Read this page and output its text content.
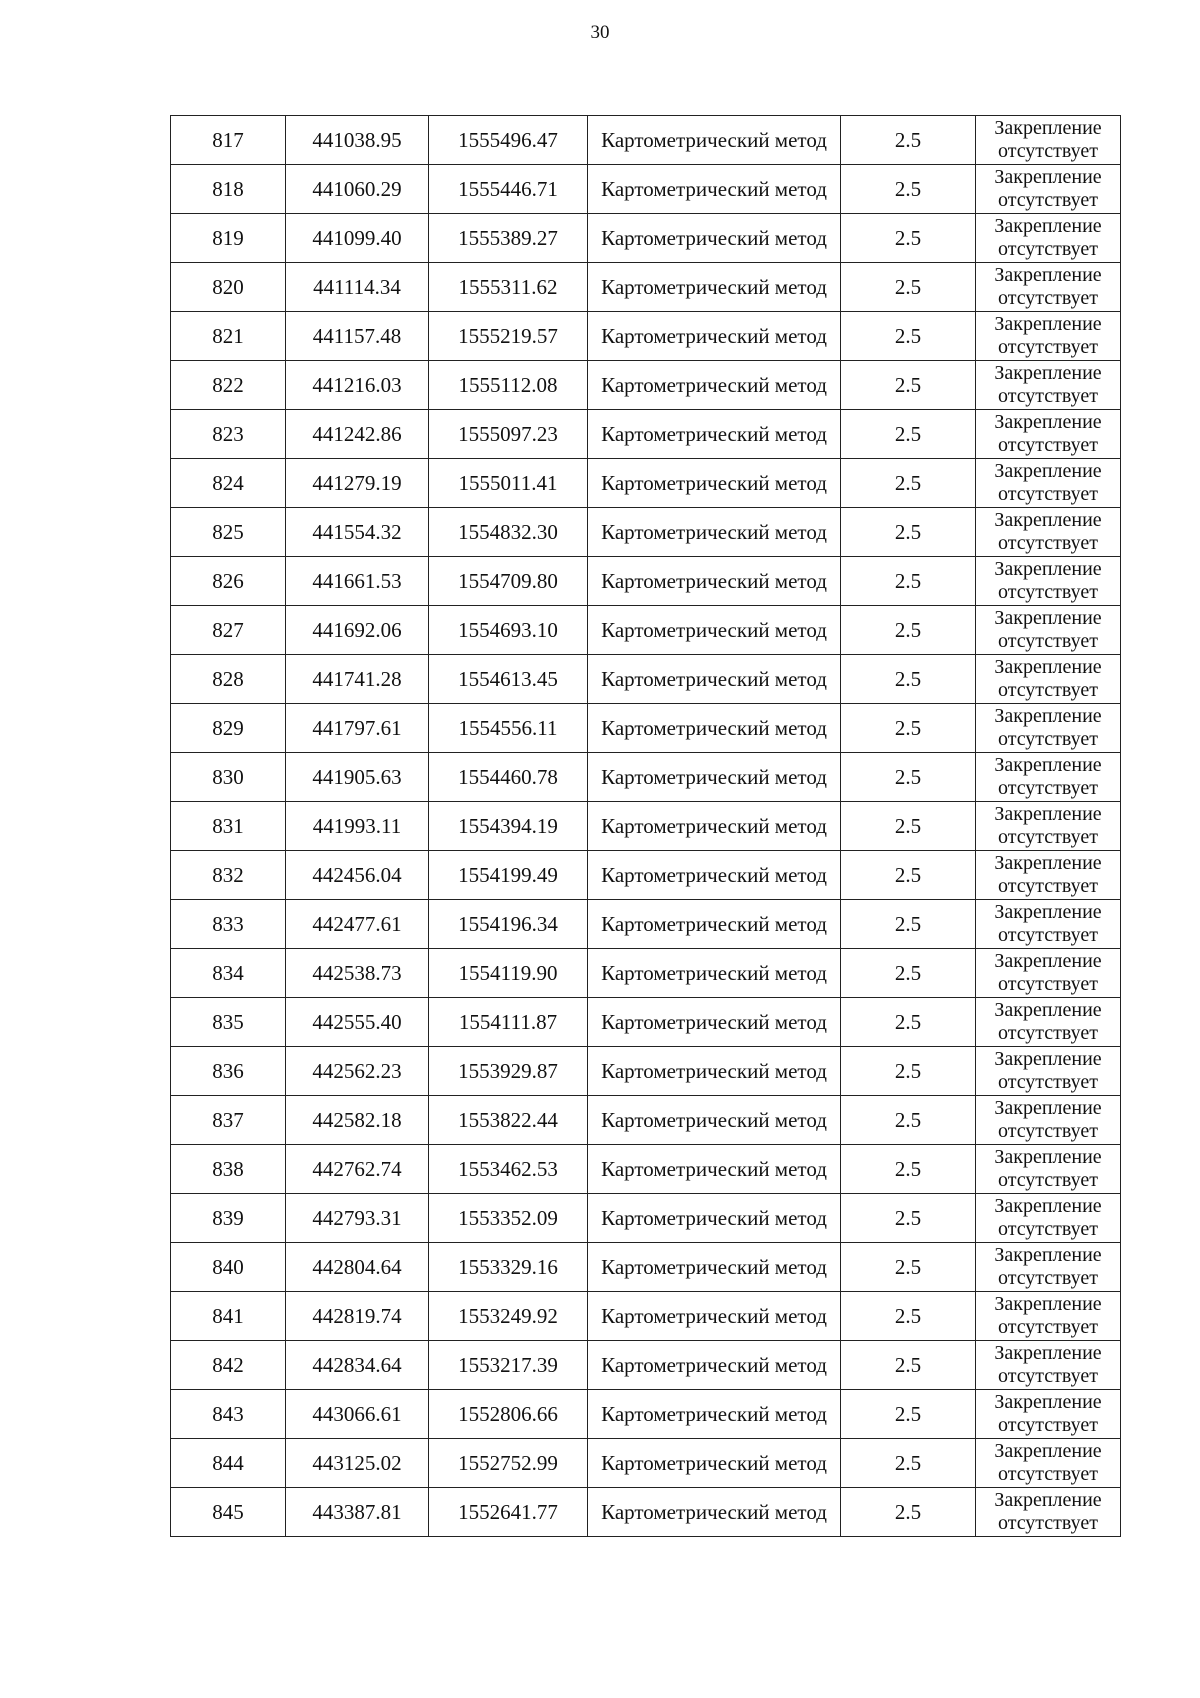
30
817	441038.95	1555496.47	Картометрический метод	2.5	Закрепление
отсутствует

818	441060.29	1555446.71	Картометрический метод	2.5	Закрепление
отсутствует

819	441099.40	1555389.27	Картометрический метод	2.5	Закрепление
отсутствует

820	441114.34	1555311.62	Картометрический метод	2.5	Закрепление
отсутствует

821	441157.48	1555219.57	Картометрический метод	2.5	Закрепление
отсутствует

822	441216.03	1555112.08	Картометрический метод	2.5	Закрепление
отсутствует

823	441242.86	1555097.23	Картометрический метод	2.5	Закрепление
отсутствует

824	441279.19	1555011.41	Картометрический метод	2.5	Закрепление
отсутствует

825	441554.32	1554832.30	Картометрический метод	2.5	Закрепление
отсутствует

826	441661.53	1554709.80	Картометрический метод	2.5	Закрепление
отсутствует

827	441692.06	1554693.10	Картометрический метод	2.5	Закрепление
отсутствует

828	441741.28	1554613.45	Картометрический метод	2.5	Закрепление
отсутствует

829	441797.61	1554556.11	Картометрический метод	2.5	Закрепление
отсутствует

830	441905.63	1554460.78	Картометрический метод	2.5	Закрепление
отсутствует

831	441993.11	1554394.19	Картометрический метод	2.5	Закрепление
отсутствует

832	442456.04	1554199.49	Картометрический метод	2.5	Закрепление
отсутствует

833	442477.61	1554196.34	Картометрический метод	2.5	Закрепление
отсутствует

834	442538.73	1554119.90	Картометрический метод	2.5	Закрепление
отсутствует

835	442555.40	1554111.87	Картометрический метод	2.5	Закрепление
отсутствует

836	442562.23	1553929.87	Картометрический метод	2.5	Закрепление
отсутствует

837	442582.18	1553822.44	Картометрический метод	2.5	Закрепление
отсутствует

838	442762.74	1553462.53	Картометрический метод	2.5	Закрепление
отсутствует

839	442793.31	1553352.09	Картометрический метод	2.5	Закрепление
отсутствует

840	442804.64	1553329.16	Картометрический метод	2.5	Закрепление
отсутствует

841	442819.74	1553249.92	Картометрический метод	2.5	Закрепление
отсутствует

842	442834.64	1553217.39	Картометрический метод	2.5	Закрепление
отсутствует

843	443066.61	1552806.66	Картометрический метод	2.5	Закрепление
отсутствует

844	443125.02	1552752.99	Картометрический метод	2.5	Закрепление
отсутствует

845	443387.81	1552641.77	Картометрический метод	2.5	Закрепление
отсутствует
